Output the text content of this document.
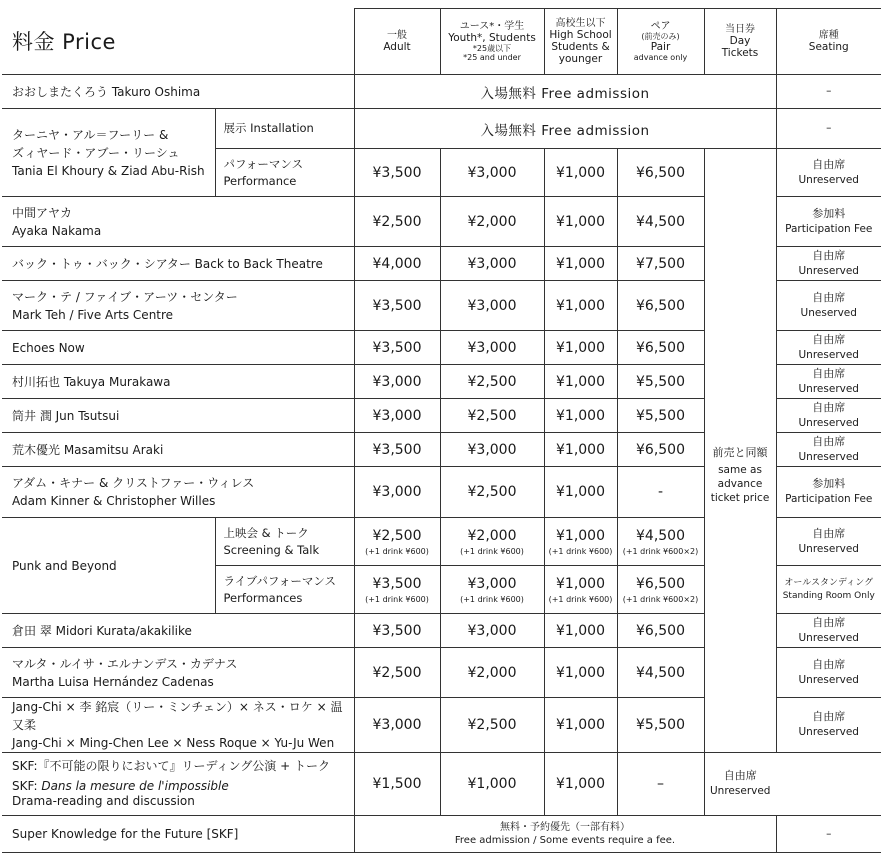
料金 Price		一般
Adult	ユース*・学生
Youth*, Students
*25歳以下
*25 and under	高校生以下
High School
Students &
younger	ペア
(前売のみ)
Pair
advance only	当日券
Day
Tickets	席種
Seating

おおしまたくろう Takuro Oshima		入場無料 Free admission					–

ターニヤ・アル＝フーリー &
ズィヤード・アブー・リーシュ
Tania El Khoury & Ziad Abu-Rish	展示 Installation	入場無料 Free admission					–

	パフォーマンス
Performance	¥3,500	¥3,000	¥1,000	¥6,500	前売と同額
same as
advance
ticket price	自由席
Unreserved

中間アヤカ
Ayaka Nakama		¥2,500	¥2,000	¥1,000	¥4,500		参加料
Participation Fee

バック・トゥ・バック・シアター Back to Back Theatre		¥4,000	¥3,000	¥1,000	¥7,500		自由席
Unreserved

マーク・テ / ファイブ・アーツ・センター
Mark Teh / Five Arts Centre		¥3,500	¥3,000	¥1,000	¥6,500		自由席
Uneserved

Echoes Now		¥3,500	¥3,000	¥1,000	¥6,500		自由席
Unreserved

村川拓也 Takuya Murakawa		¥3,000	¥2,500	¥1,000	¥5,500		自由席
Unreserved

筒井 潤 Jun Tsutsui		¥3,000	¥2,500	¥1,000	¥5,500		自由席
Unreserved

荒木優光 Masamitsu Araki		¥3,500	¥3,000	¥1,000	¥6,500		自由席
Unreserved

アダム・キナー & クリストファー・ウィレス
Adam Kinner & Christopher Willes		¥3,000	¥2,500	¥1,000	-		参加料
Participation Fee

Punk and Beyond	上映会 & トーク
Screening & Talk	¥2,500
(+1 drink ¥600)	¥2,000
(+1 drink ¥600)	¥1,000
(+1 drink ¥600)	¥4,500
(+1 drink ¥600×2)		自由席
Unreserved

	ライブパフォーマンス
Performances	¥3,500
(+1 drink ¥600)	¥3,000
(+1 drink ¥600)	¥1,000
(+1 drink ¥600)	¥6,500
(+1 drink ¥600×2)		オールスタンディング
Standing Room Only

倉田 翠 Midori Kurata/akakilike		¥3,500	¥3,000	¥1,000	¥6,500		自由席
Unreserved

マルタ・ルイサ・エルナンデス・カデナス
Martha Luisa Hernández Cadenas		¥2,500	¥2,000	¥1,000	¥4,500		自由席
Unreserved

Jang-Chi × 李 銘宸（リー・ミンチェン）× ネス・ロケ × 温 又柔
Jang-Chi × Ming-Chen Lee × Ness Roque × Yu-Ju Wen		¥3,000	¥2,500	¥1,000	¥5,500		自由席
Unreserved

SKF:『不可能の限りにおいて』リーディング公演 + トーク
SKF: Dans la mesure de l'impossible
Drama-reading and discussion		¥1,500	¥1,000	¥1,000	–	自由席
Unreserved	

Super Knowledge for the Future [SKF]		無料・予約優先（一部有料）
Free admission / Some events require a fee.					–
